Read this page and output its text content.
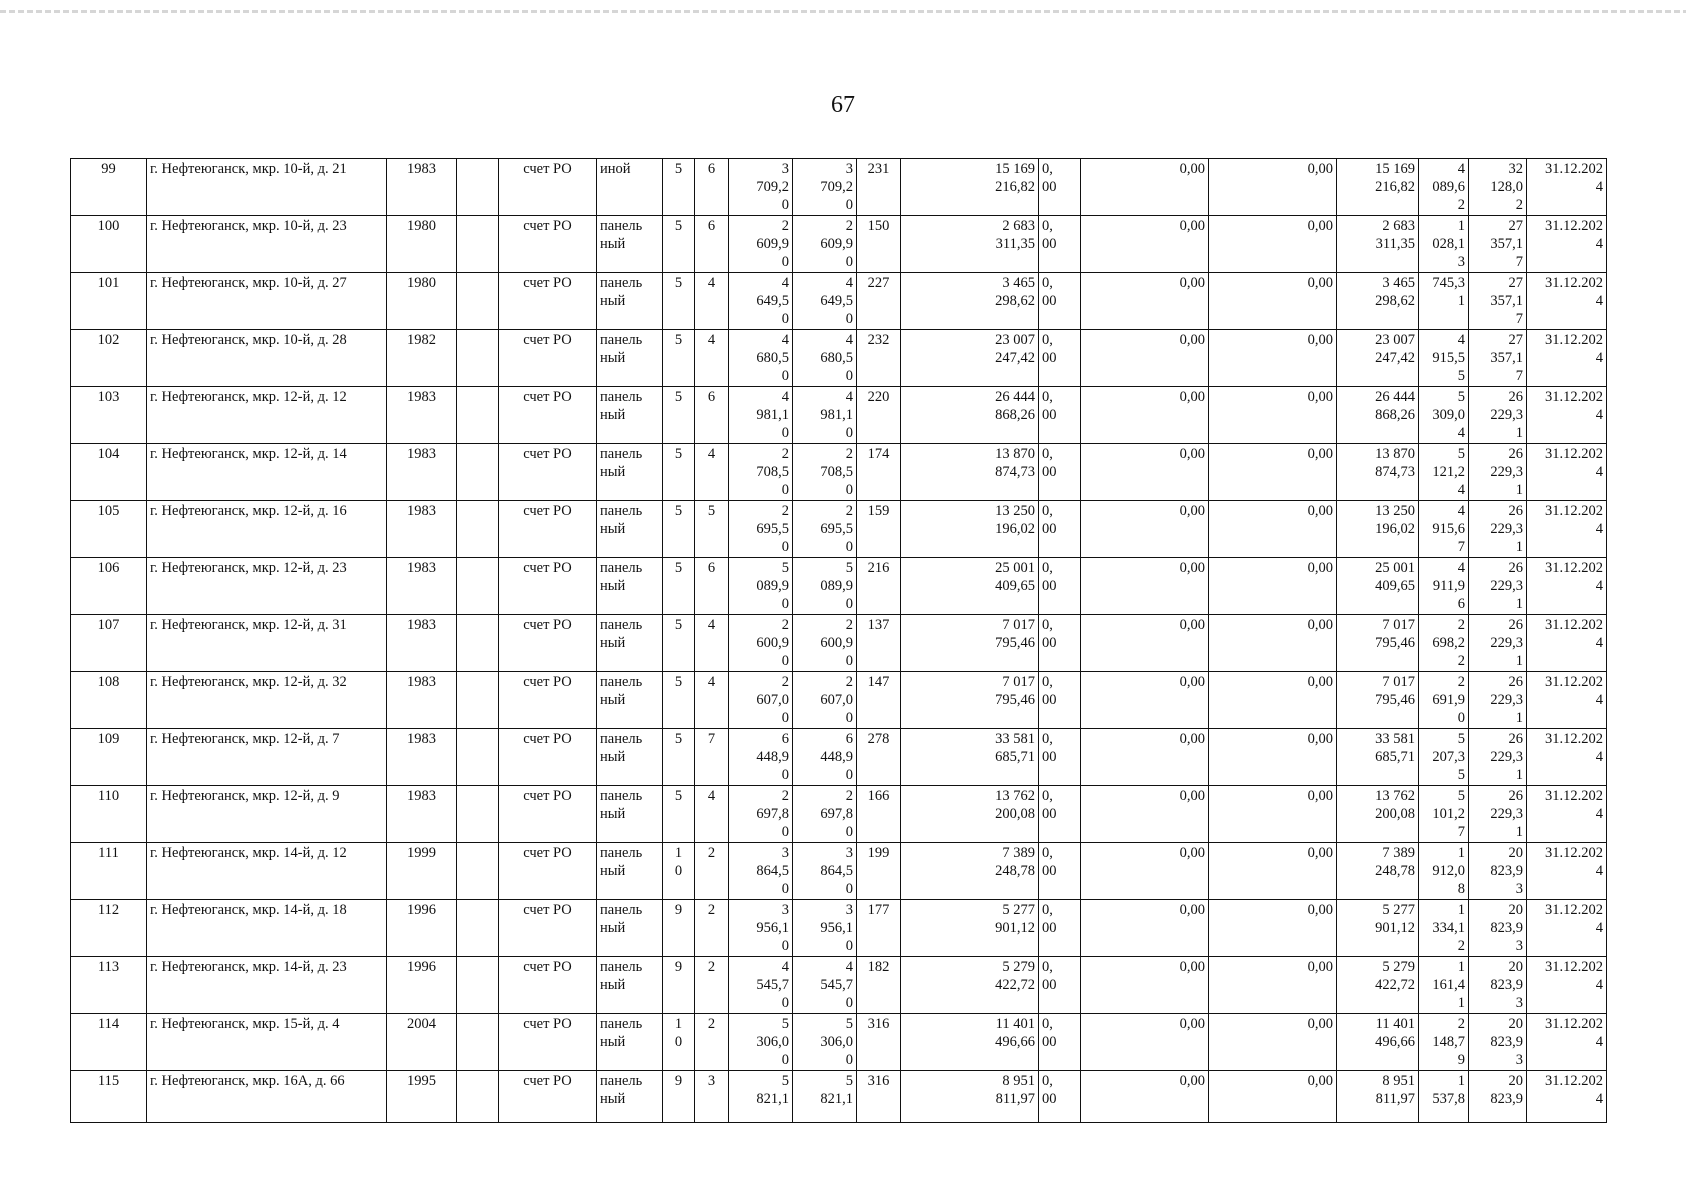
67
99	г. Нефтеюганск, мкр. 10-й, д. 21	1983		счет РО	иной	5	6	3
709,2
0	3
709,2
0	231	15 169
216,82	0,
00	0,00	0,00	15 169
216,82	4
089,6
2	32
128,0
2	31.12.202
4
100	г. Нефтеюганск, мкр. 10-й, д. 23	1980		счет РО	панель
ный	5	6	2
609,9
0	2
609,9
0	150	2 683
311,35	0,
00	0,00	0,00	2 683
311,35	1
028,1
3	27
357,1
7	31.12.202
4
101	г. Нефтеюганск, мкр. 10-й, д. 27	1980		счет РО	панель
ный	5	4	4
649,5
0	4
649,5
0	227	3 465
298,62	0,
00	0,00	0,00	3 465
298,62	745,3
1	27
357,1
7	31.12.202
4
102	г. Нефтеюганск, мкр. 10-й, д. 28	1982		счет РО	панель
ный	5	4	4
680,5
0	4
680,5
0	232	23 007
247,42	0,
00	0,00	0,00	23 007
247,42	4
915,5
5	27
357,1
7	31.12.202
4
103	г. Нефтеюганск, мкр. 12-й, д. 12	1983		счет РО	панель
ный	5	6	4
981,1
0	4
981,1
0	220	26 444
868,26	0,
00	0,00	0,00	26 444
868,26	5
309,0
4	26
229,3
1	31.12.202
4
104	г. Нефтеюганск, мкр. 12-й, д. 14	1983		счет РО	панель
ный	5	4	2
708,5
0	2
708,5
0	174	13 870
874,73	0,
00	0,00	0,00	13 870
874,73	5
121,2
4	26
229,3
1	31.12.202
4
105	г. Нефтеюганск, мкр. 12-й, д. 16	1983		счет РО	панель
ный	5	5	2
695,5
0	2
695,5
0	159	13 250
196,02	0,
00	0,00	0,00	13 250
196,02	4
915,6
7	26
229,3
1	31.12.202
4
106	г. Нефтеюганск, мкр. 12-й, д. 23	1983		счет РО	панель
ный	5	6	5
089,9
0	5
089,9
0	216	25 001
409,65	0,
00	0,00	0,00	25 001
409,65	4
911,9
6	26
229,3
1	31.12.202
4
107	г. Нефтеюганск, мкр. 12-й, д. 31	1983		счет РО	панель
ный	5	4	2
600,9
0	2
600,9
0	137	7 017
795,46	0,
00	0,00	0,00	7 017
795,46	2
698,2
2	26
229,3
1	31.12.202
4
108	г. Нефтеюганск, мкр. 12-й, д. 32	1983		счет РО	панель
ный	5	4	2
607,0
0	2
607,0
0	147	7 017
795,46	0,
00	0,00	0,00	7 017
795,46	2
691,9
0	26
229,3
1	31.12.202
4
109	г. Нефтеюганск, мкр. 12-й, д. 7	1983		счет РО	панель
ный	5	7	6
448,9
0	6
448,9
0	278	33 581
685,71	0,
00	0,00	0,00	33 581
685,71	5
207,3
5	26
229,3
1	31.12.202
4
110	г. Нефтеюганск, мкр. 12-й, д. 9	1983		счет РО	панель
ный	5	4	2
697,8
0	2
697,8
0	166	13 762
200,08	0,
00	0,00	0,00	13 762
200,08	5
101,2
7	26
229,3
1	31.12.202
4
111	г. Нефтеюганск, мкр. 14-й, д. 12	1999		счет РО	панель
ный	1
0	2	3
864,5
0	3
864,5
0	199	7 389
248,78	0,
00	0,00	0,00	7 389
248,78	1
912,0
8	20
823,9
3	31.12.202
4
112	г. Нефтеюганск, мкр. 14-й, д. 18	1996		счет РО	панель
ный	9	2	3
956,1
0	3
956,1
0	177	5 277
901,12	0,
00	0,00	0,00	5 277
901,12	1
334,1
2	20
823,9
3	31.12.202
4
113	г. Нефтеюганск, мкр. 14-й, д. 23	1996		счет РО	панель
ный	9	2	4
545,7
0	4
545,7
0	182	5 279
422,72	0,
00	0,00	0,00	5 279
422,72	1
161,4
1	20
823,9
3	31.12.202
4
114	г. Нефтеюганск, мкр. 15-й, д. 4	2004		счет РО	панель
ный	1
0	2	5
306,0
0	5
306,0
0	316	11 401
496,66	0,
00	0,00	0,00	11 401
496,66	2
148,7
9	20
823,9
3	31.12.202
4
115	г. Нефтеюганск, мкр. 16А, д. 66	1995		счет РО	панель
ный	9	3	5
821,1	5
821,1	316	8 951
811,97	0,
00	0,00	0,00	8 951
811,97	1
537,8	20
823,9	31.12.202
4
